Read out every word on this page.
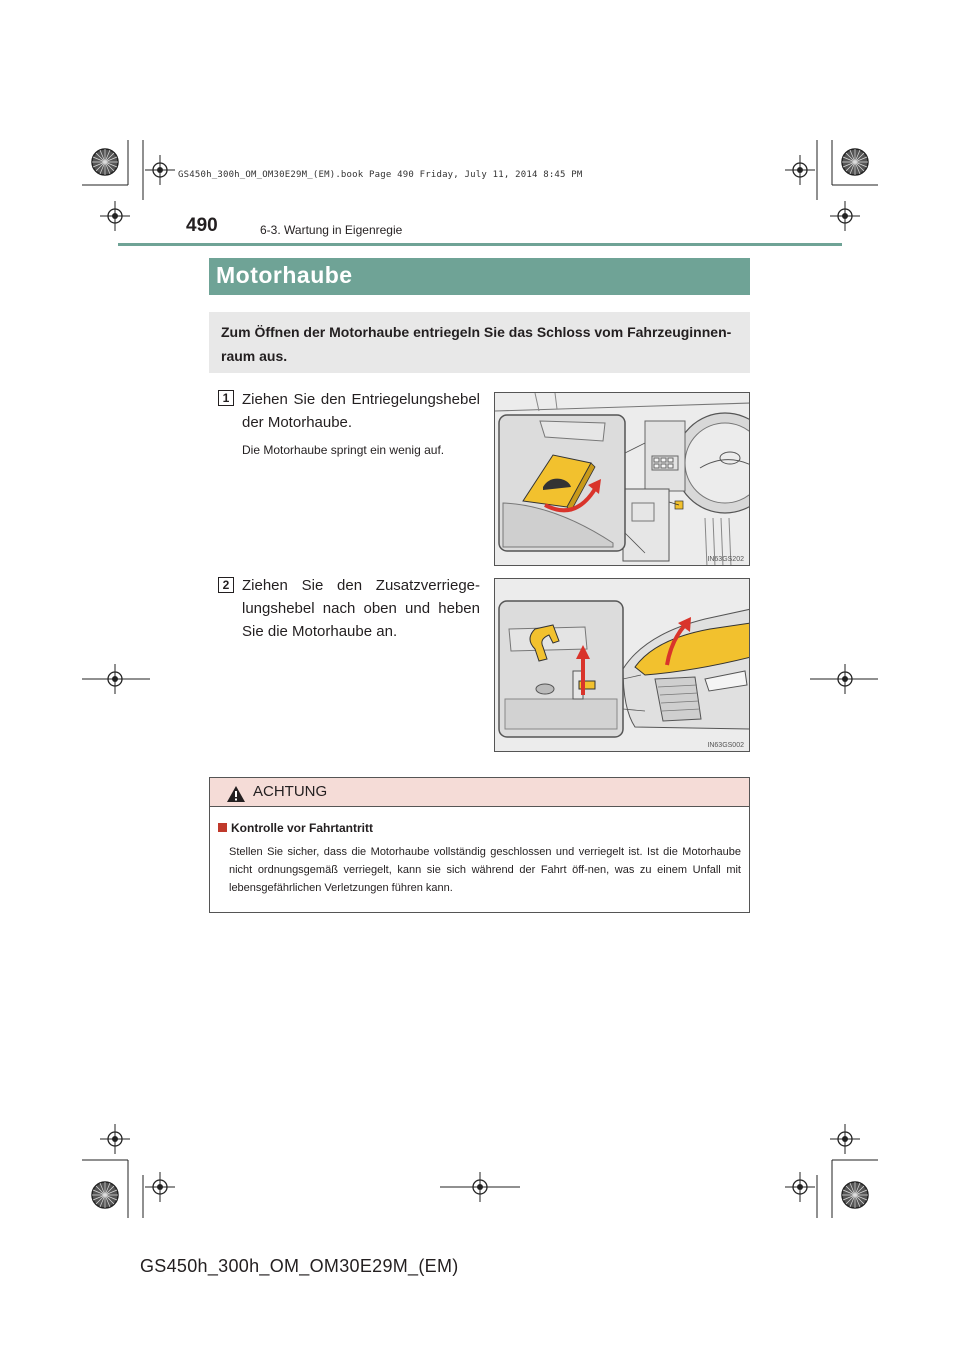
GS450h_300h_OM_OM30E29M_(EM).book Page 490 Friday, July 11, 2014 8:45 PM
490	6-3. Wartung in Eigenregie
Motorhaube
Zum Öffnen der Motorhaube entriegeln Sie das Schloss vom Fahrzeuginnen-raum aus.
1 Ziehen Sie den Entriegelungshebel der Motorhaube.
Die Motorhaube springt ein wenig auf.
IN63GS202
2 Ziehen Sie den Zusatzverriege-lungshebel nach oben und heben Sie die Motorhaube an.
IN63GS002
ACHTUNG
Kontrolle vor Fahrtantritt
Stellen Sie sicher, dass die Motorhaube vollständig geschlossen und verriegelt ist. Ist die Motorhaube nicht ordnungsgemäß verriegelt, kann sie sich während der Fahrt öff-nen, was zu einem Unfall mit lebensgefährlichen Verletzungen führen kann.
GS450h_300h_OM_OM30E29M_(EM)
